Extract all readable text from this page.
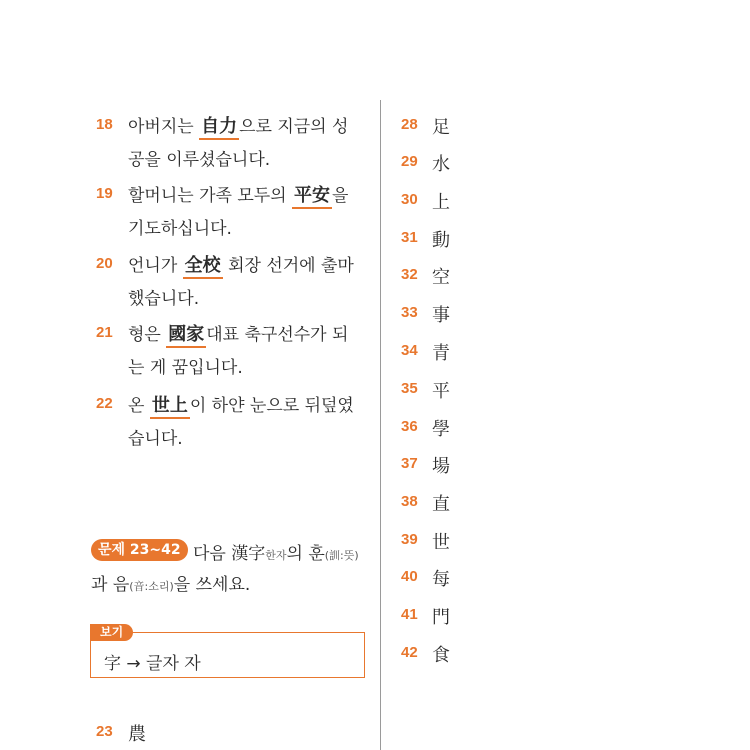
18 아버지는 自力 으로 지금의 성
공을 이루셨습니다.
19 할머니는 가족 모두의 平安 을
기도하십니다.
20 언니가 全校 회장 선거에 출마
했습니다.
21 형은 國家 대표 축구선수가 되
는 게 꿈입니다.
22 온 世上 이 하얀 눈으로 뒤덮였
습니다.
문제 23~42 다음 漢字한자의 훈(訓:뜻)
과 음(音:소리)을 쓰세요.
보기
字 → 글자 자
23 農
28 足
29 水
30 上
31 動
32 空
33 事
34 青
35 平
36 學
37 場
38 直
39 世
40 每
41 門
42 食
